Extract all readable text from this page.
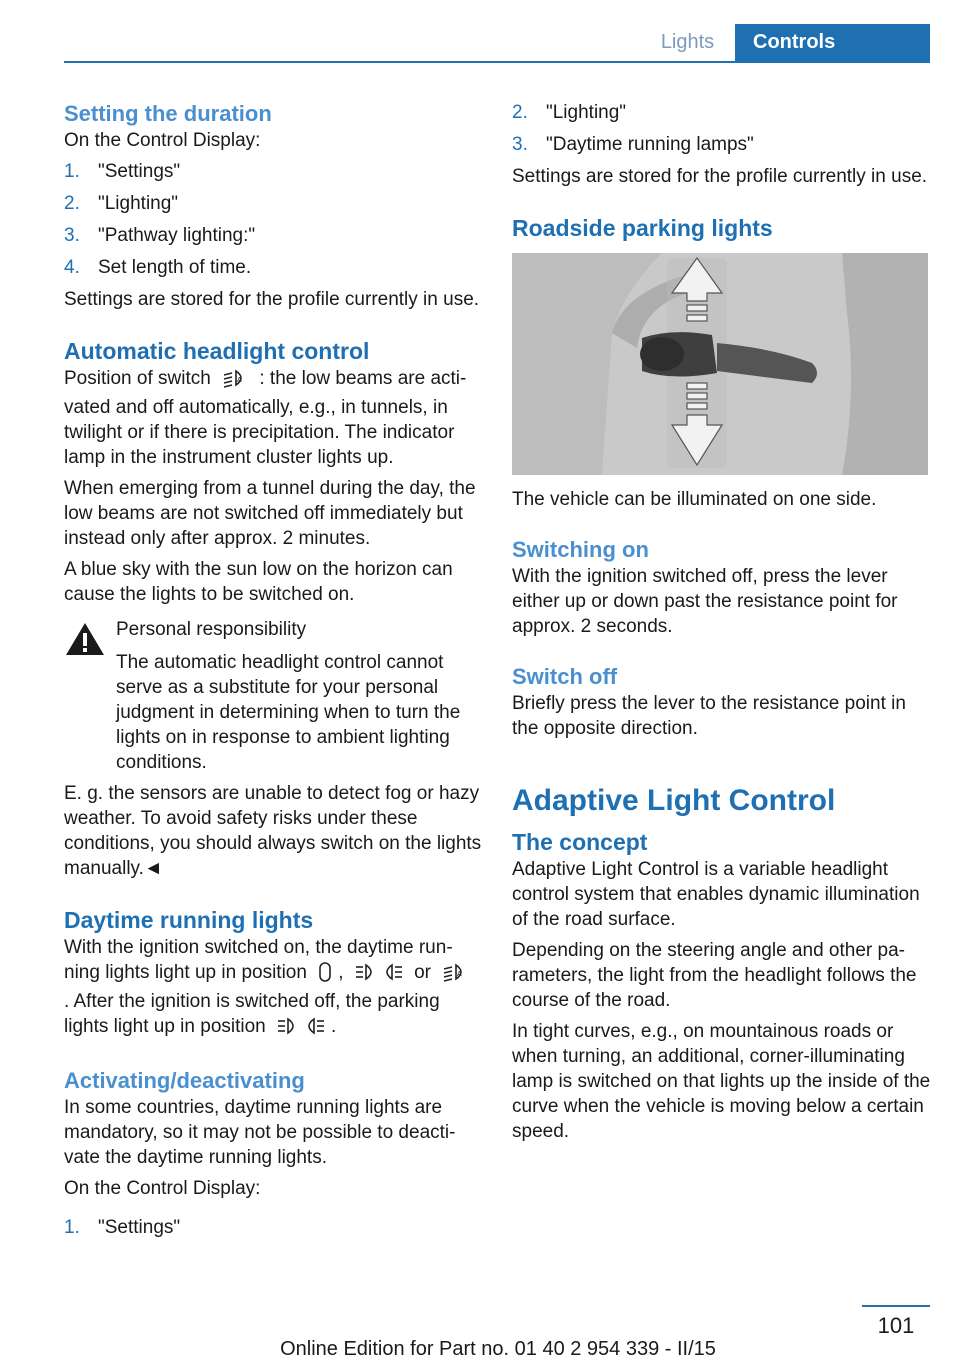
Lights	Controls
Setting the duration

On the Control Display:

1. "Settings"
2. "Lighting"
3. "Pathway lighting:"
4. Set length of time.

Settings are stored for the profile currently in use.

Automatic headlight control

Position of switch	A : the low beams are activated and off automatically, e.g., in tunnels, in twilight or if there is precipitation. The indicator lamp in the instrument cluster lights up.

When emerging from a tunnel during the day, the low beams are not switched off immediately but instead only after approx. 2 minutes.

A blue sky with the sun low on the horizon can cause the lights to be switched on.

Personal responsibility

The automatic headlight control cannot serve as a substitute for your personal judgment in determining when to turn the lights on in response to ambient lighting conditions.

E. g. the sensors are unable to detect fog or hazy weather. To avoid safety risks under these conditions, you should always switch on the lights manually.◄

Daytime running lights

With the ignition switched on, the daytime running lights light up in position ,	or	A
. After the ignition is switched off, the parking lights light up in position	.

Activating/deactivating

In some countries, daytime running lights are mandatory, so it may not be possible to deactivate the daytime running lights.

On the Control Display:

1. "Settings"
2. "Lighting"
3. "Daytime running lamps"

Settings are stored for the profile currently in use.

Roadside parking lights

The vehicle can be illuminated on one side.

Switching on

With the ignition switched off, press the lever either up or down past the resistance point for approx. 2 seconds.

Switch off

Briefly press the lever to the resistance point in the opposite direction.

Adaptive Light Control
The concept

Adaptive Light Control is a variable headlight control system that enables dynamic illumination of the road surface.

Depending on the steering angle and other parameters, the light from the headlight follows the course of the road.

In tight curves, e.g., on mountainous roads or when turning, an additional, corner-illuminating lamp is switched on that lights up the inside of the curve when the vehicle is moving below a certain speed.

101
Online Edition for Part no. 01 40 2 954 339 - II/15
